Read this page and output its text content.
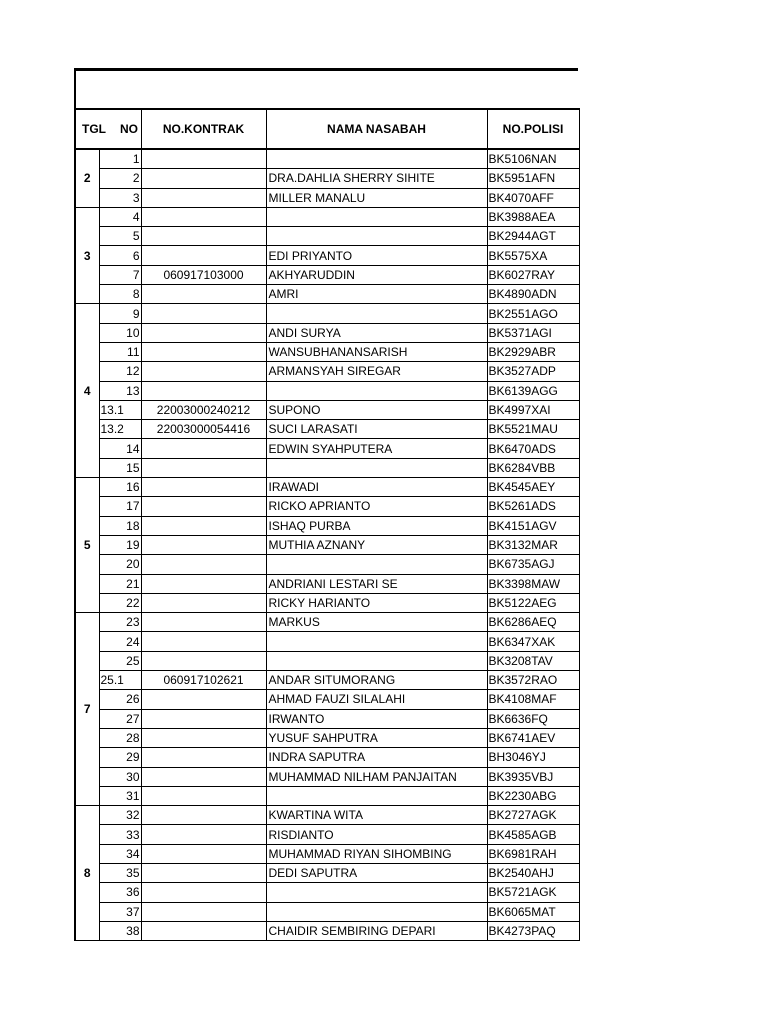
TGL NO		NO.KONTRAK	NAMA NASABAH	NO.POLISI
2	1			BK5106NAN
	2		DRA.DAHLIA SHERRY SIHITE	BK5951AFN
	3		MILLER MANALU	BK4070AFF
3	4			BK3988AEA
	5			BK2944AGT
	6		EDI PRIYANTO	BK5575XA
	7	060917103000	AKHYARUDDIN	BK6027RAY
	8		AMRI	BK4890ADN
4	9			BK2551AGO
	10		ANDI SURYA	BK5371AGI
	11		WANSUBHANANSARISH	BK2929ABR
	12		ARMANSYAH SIREGAR	BK3527ADP
	13			BK6139AGG
	13.1	22003000240212	SUPONO	BK4997XAI
	13.2	22003000054416	SUCI LARASATI	BK5521MAU
	14		EDWIN SYAHPUTERA	BK6470ADS
	15			BK6284VBB
5	16		IRAWADI	BK4545AEY
	17		RICKO APRIANTO	BK5261ADS
	18		ISHAQ PURBA	BK4151AGV
	19		MUTHIA AZNANY	BK3132MAR
	20			BK6735AGJ
	21		ANDRIANI LESTARI SE	BK3398MAW
	22		RICKY HARIANTO	BK5122AEG
7	23		MARKUS	BK6286AEQ
	24			BK6347XAK
	25			BK3208TAV
	25.1	060917102621	ANDAR SITUMORANG	BK3572RAO
	26		AHMAD FAUZI SILALAHI	BK4108MAF
	27		IRWANTO	BK6636FQ
	28		YUSUF SAHPUTRA	BK6741AEV
	29		INDRA SAPUTRA	BH3046YJ
	30		MUHAMMAD NILHAM PANJAITAN	BK3935VBJ
	31			BK2230ABG
8	32		KWARTINA WITA	BK2727AGK
	33		RISDIANTO	BK4585AGB
	34		MUHAMMAD RIYAN SIHOMBING	BK6981RAH
	35		DEDI SAPUTRA	BK2540AHJ
	36			BK5721AGK
	37			BK6065MAT
	38		CHAIDIR SEMBIRING DEPARI	BK4273PAQ
